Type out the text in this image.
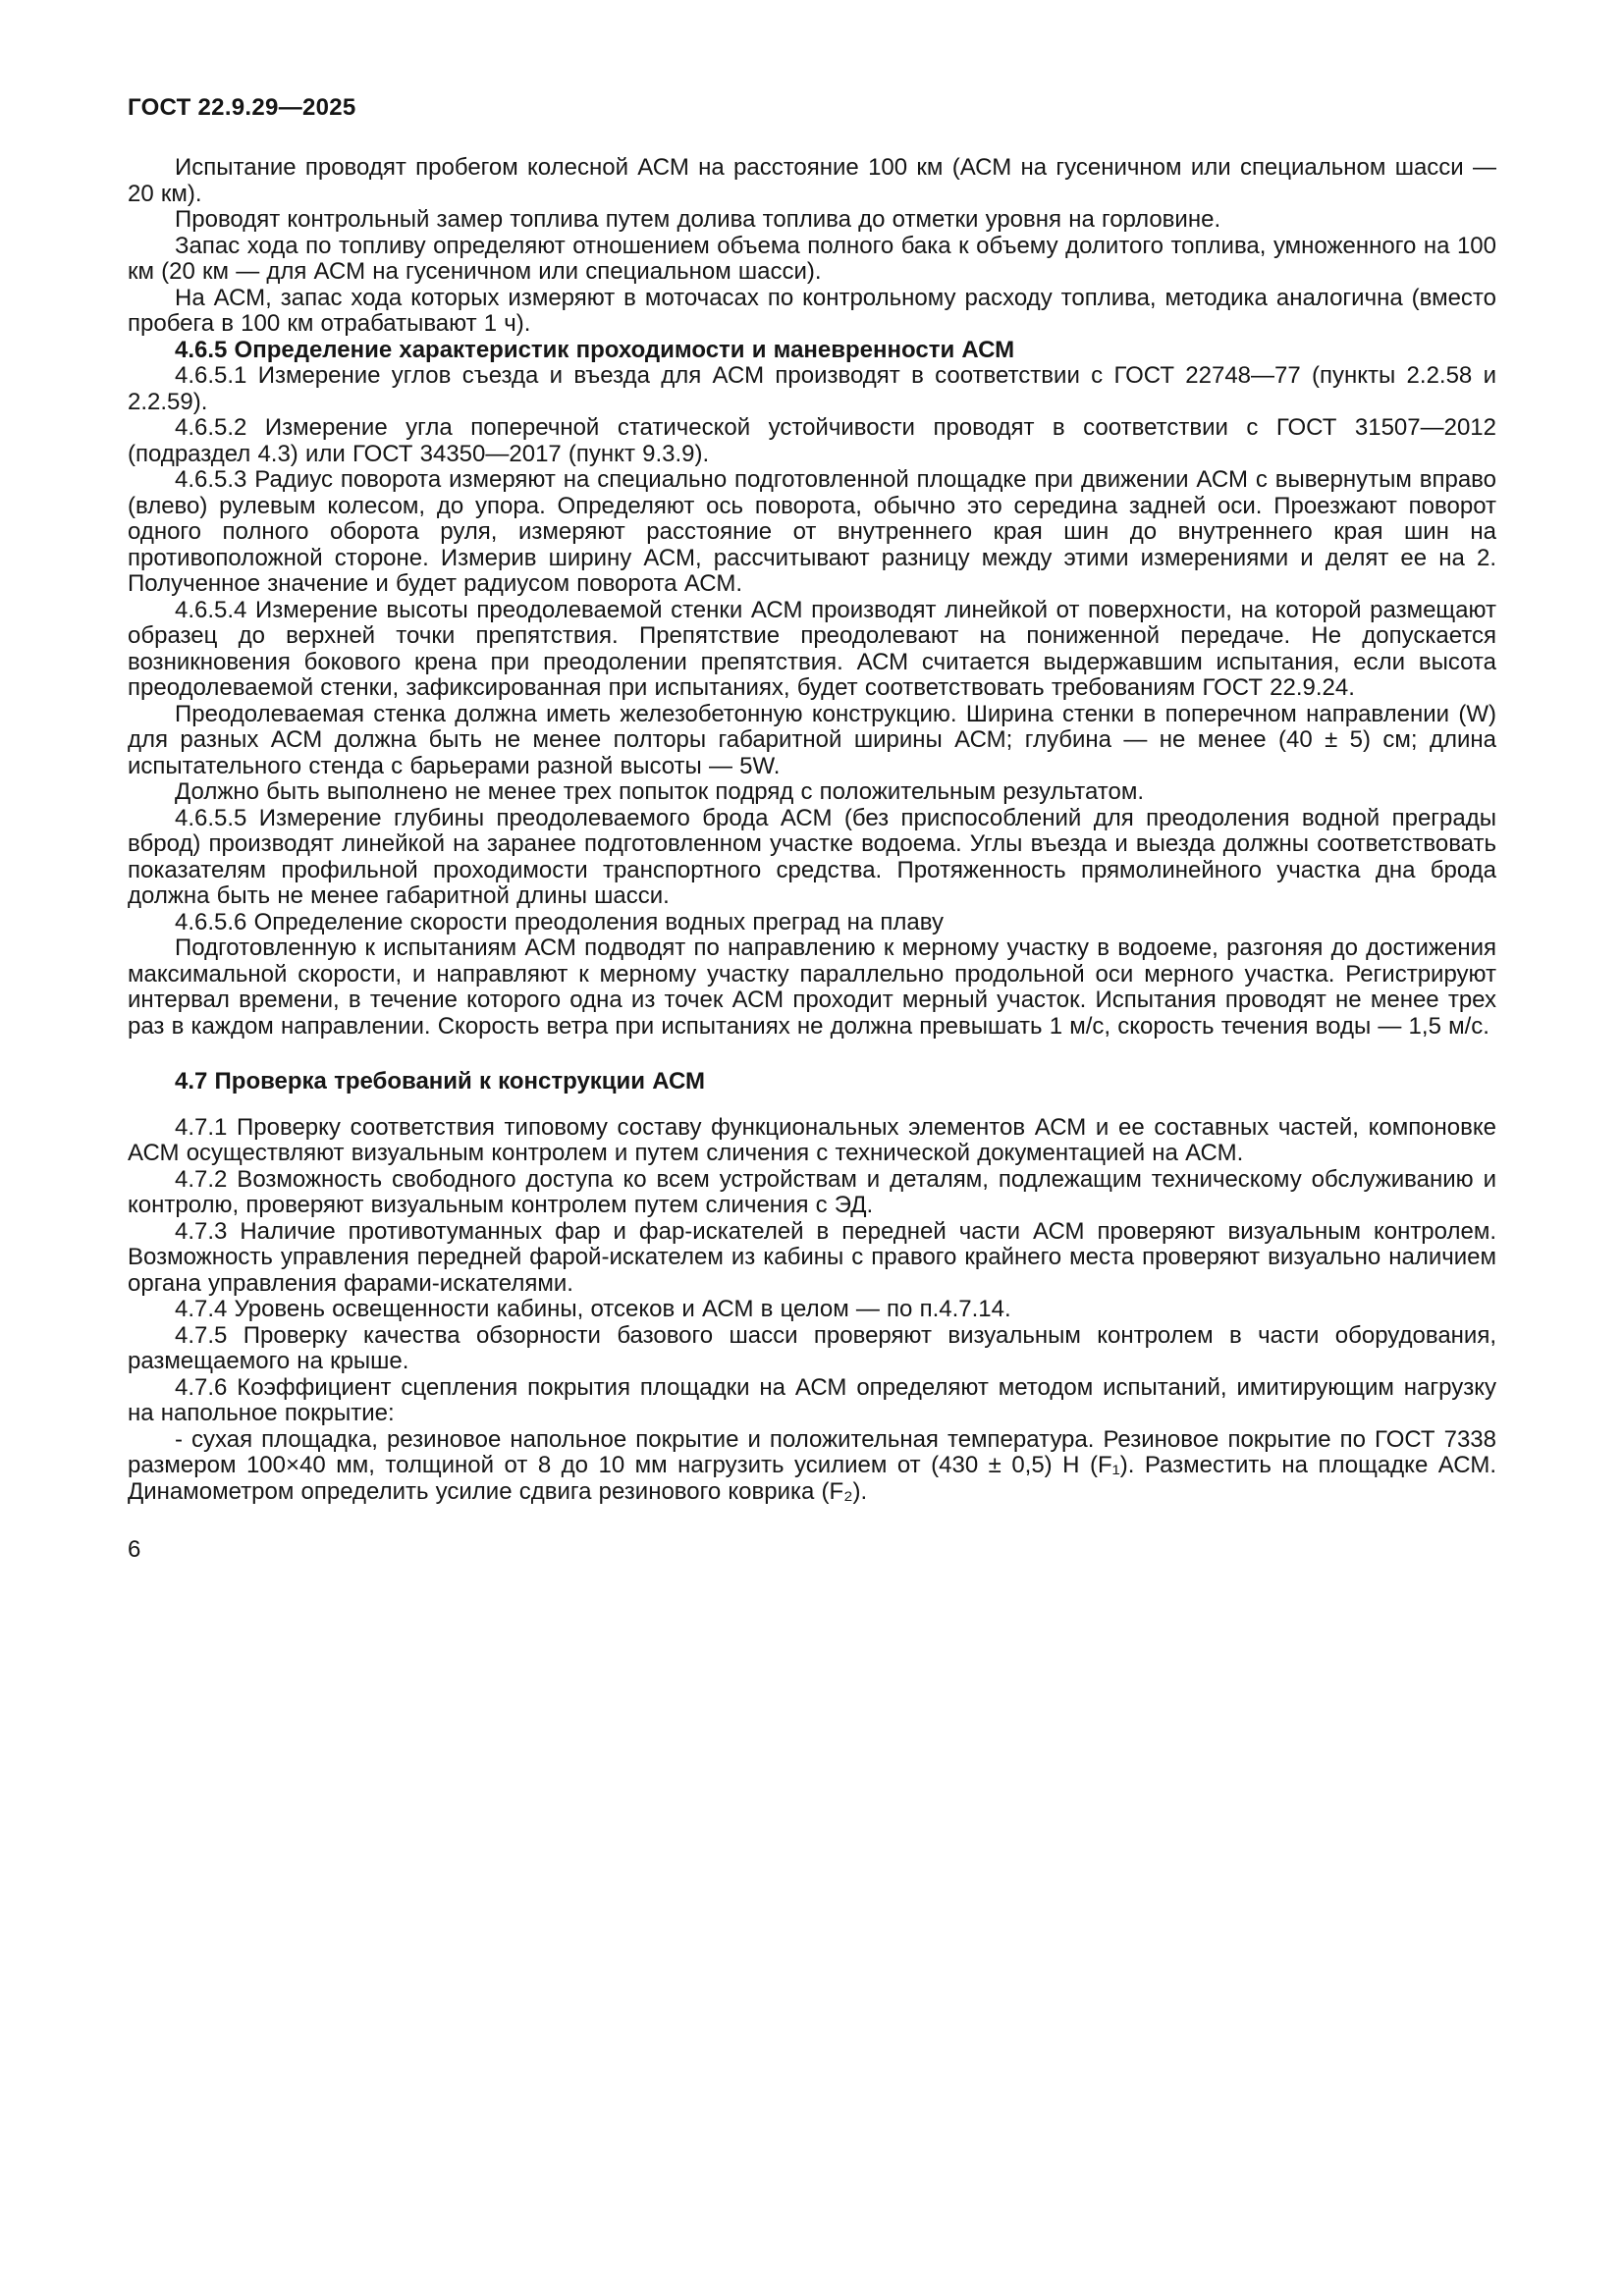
ГОСТ 22.9.29—2025

Испытание проводят пробегом колесной АСМ на расстояние 100 км (АСМ на гусеничном или специальном шасси — 20 км).

Проводят контрольный замер топлива путем долива топлива до отметки уровня на горловине.

Запас хода по топливу определяют отношением объема полного бака к объему долитого топлива, умноженного на 100 км (20 км — для АСМ на гусеничном или специальном шасси).

На АСМ, запас хода которых измеряют в моточасах по контрольному расходу топлива, методика аналогична (вместо пробега в 100 км отрабатывают 1 ч).

4.6.5 Определение характеристик проходимости и маневренности АСМ

4.6.5.1 Измерение углов съезда и въезда для АСМ производят в соответствии с ГОСТ 22748—77 (пункты 2.2.58 и 2.2.59).

4.6.5.2 Измерение угла поперечной статической устойчивости проводят в соответствии с ГОСТ 31507—2012 (подраздел 4.3) или ГОСТ 34350—2017 (пункт 9.3.9).

4.6.5.3 Радиус поворота измеряют на специально подготовленной площадке при движении АСМ с вывернутым вправо (влево) рулевым колесом, до упора. Определяют ось поворота, обычно это середина задней оси. Проезжают поворот одного полного оборота руля, измеряют расстояние от внутреннего края шин до внутреннего края шин на противоположной стороне. Измерив ширину АСМ, рассчитывают разницу между этими измерениями и делят ее на 2. Полученное значение и будет радиусом поворота АСМ.

4.6.5.4 Измерение высоты преодолеваемой стенки АСМ производят линейкой от поверхности, на которой размещают образец до верхней точки препятствия. Препятствие преодолевают на пониженной передаче. Не допускается возникновения бокового крена при преодолении препятствия. АСМ считается выдержавшим испытания, если высота преодолеваемой стенки, зафиксированная при испытаниях, будет соответствовать требованиям ГОСТ 22.9.24.

Преодолеваемая стенка должна иметь железобетонную конструкцию. Ширина стенки в поперечном направлении (W) для разных АСМ должна быть не менее полторы габаритной ширины АСМ; глубина — не менее (40 ± 5) см; длина испытательного стенда с барьерами разной высоты — 5W.

Должно быть выполнено не менее трех попыток подряд с положительным результатом.

4.6.5.5 Измерение глубины преодолеваемого брода АСМ (без приспособлений для преодоления водной преграды вброд) производят линейкой на заранее подготовленном участке водоема. Углы въезда и выезда должны соответствовать показателям профильной проходимости транспортного средства. Протяженность прямолинейного участка дна брода должна быть не менее габаритной длины шасси.

4.6.5.6 Определение скорости преодоления водных преград на плаву

Подготовленную к испытаниям АСМ подводят по направлению к мерному участку в водоеме, разгоняя до достижения максимальной скорости, и направляют к мерному участку параллельно продольной оси мерного участка. Регистрируют интервал времени, в течение которого одна из точек АСМ проходит мерный участок. Испытания проводят не менее трех раз в каждом направлении. Скорость ветра при испытаниях не должна превышать 1 м/с, скорость течения воды — 1,5 м/с.

4.7 Проверка требований к конструкции АСМ

4.7.1 Проверку соответствия типовому составу функциональных элементов АСМ и ее составных частей, компоновке АСМ осуществляют визуальным контролем и путем сличения с технической документацией на АСМ.

4.7.2 Возможность свободного доступа ко всем устройствам и деталям, подлежащим техническому обслуживанию и контролю, проверяют визуальным контролем путем сличения с ЭД.

4.7.3 Наличие противотуманных фар и фар-искателей в передней части АСМ проверяют визуальным контролем. Возможность управления передней фарой-искателем из кабины с правого крайнего места проверяют визуально наличием органа управления фарами-искателями.

4.7.4 Уровень освещенности кабины, отсеков и АСМ в целом — по п.4.7.14.

4.7.5 Проверку качества обзорности базового шасси проверяют визуальным контролем в части оборудования, размещаемого на крыше.

4.7.6 Коэффициент сцепления покрытия площадки на АСМ определяют методом испытаний, имитирующим нагрузку на напольное покрытие:

- сухая площадка, резиновое напольное покрытие и положительная температура. Резиновое покрытие по ГОСТ 7338 размером 100×40 мм, толщиной от 8 до 10 мм нагрузить усилием от (430 ± 0,5) Н (F₁). Разместить на площадке АСМ. Динамометром определить усилие сдвига резинового коврика (F₂).

6
